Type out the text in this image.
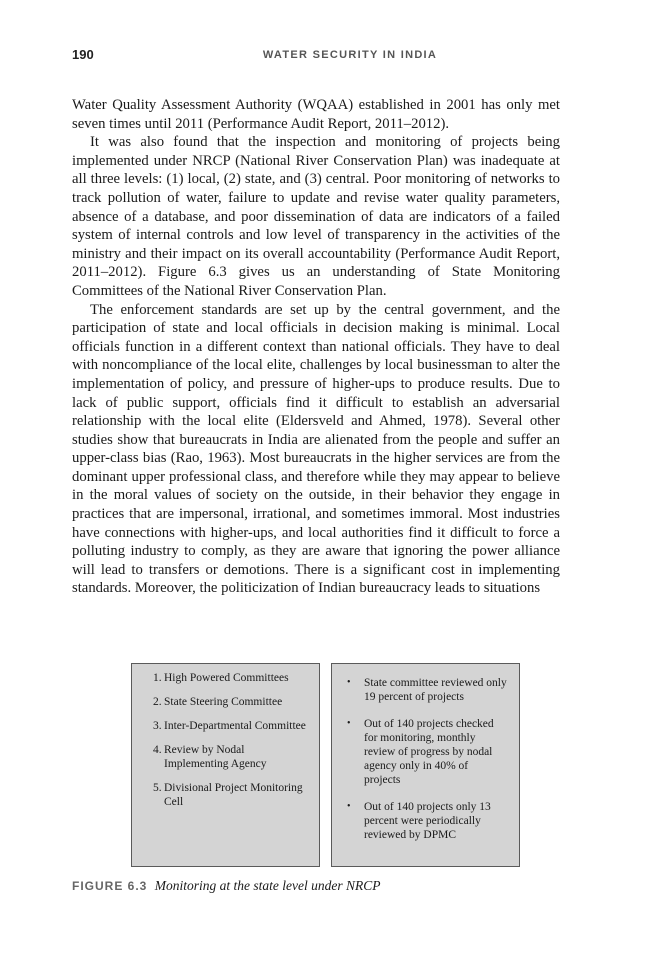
190	WATER SECURITY IN INDIA

Water Quality Assessment Authority (WQAA) established in 2001 has only met seven times until 2011 (Performance Audit Report, 2011–2012).

It was also found that the inspection and monitoring of projects being implemented under NRCP (National River Conservation Plan) was inadequate at all three levels: (1) local, (2) state, and (3) central. Poor monitoring of networks to track pollution of water, failure to update and revise water quality parameters, absence of a database, and poor dissemination of data are indicators of a failed system of internal controls and low level of transparency in the activities of the ministry and their impact on its overall accountability (Performance Audit Report, 2011–2012). Figure 6.3 gives us an understanding of State Monitoring Committees of the National River Conservation Plan.

The enforcement standards are set up by the central government, and the participation of state and local officials in decision making is minimal. Local officials function in a different context than national officials. They have to deal with noncompliance of the local elite, challenges by local businessman to alter the implementation of policy, and pressure of higher-ups to produce results. Due to lack of public support, officials find it difficult to establish an adversarial relationship with the local elite (Eldersveld and Ahmed, 1978). Several other studies show that bureaucrats in India are alienated from the people and suffer an upper-class bias (Rao, 1963). Most bureaucrats in the higher services are from the dominant upper professional class, and therefore while they may appear to believe in the moral values of society on the outside, in their behavior they engage in practices that are impersonal, irrational, and sometimes immoral. Most industries have connections with higher-ups, and local authorities find it difficult to force a polluting industry to comply, as they are aware that ignoring the power alliance will lead to transfers or demotions. There is a significant cost in implementing standards. Moreover, the politicization of Indian bureaucracy leads to situations

1. High Powered Committees
2. State Steering Committee
3. Inter-Departmental Committee
4. Review by Nodal Implementing Agency
5. Divisional Project Monitoring Cell
•	State committee reviewed only 19 percent of projects
•	Out of 140 projects checked for monitoring, monthly review of progress by nodal agency only in 40% of projects
•	Out of 140 projects only 13 percent were periodically reviewed by DPMC
FIGURE 6.3 Monitoring at the state level under NRCP
